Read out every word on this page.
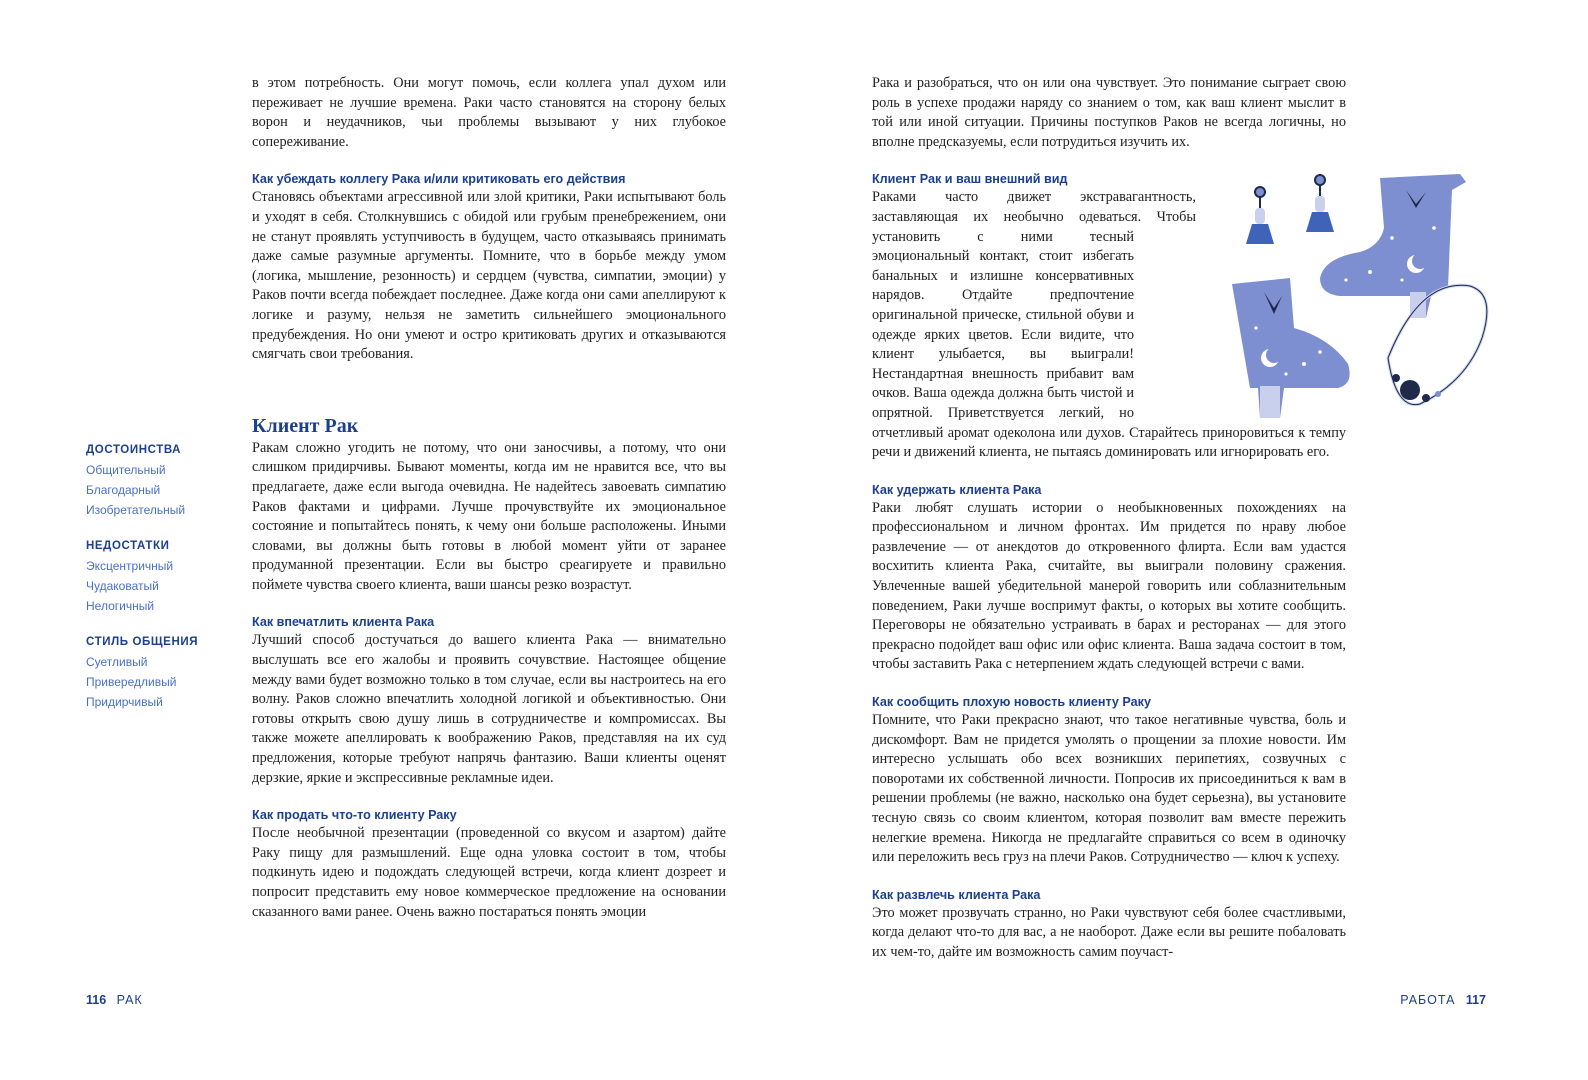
в этом потребность. Они могут помочь, если коллега упал духом или переживает не лучшие времена. Раки часто становятся на сторону белых ворон и неудачников, чьи проблемы вызывают у них глубокое сопереживание.

Как убеждать коллегу Рака и/или критиковать его действия

Становясь объектами агрессивной или злой критики, Раки испытывают боль и уходят в себя. Столкнувшись с обидой или грубым пренебрежением, они не станут проявлять уступчивость в будущем, часто отказываясь принимать даже самые разумные аргументы. Помните, что в борьбе между умом (логика, мышление, резонность) и сердцем (чувства, симпатии, эмоции) у Раков почти всегда побеждает последнее. Даже когда они сами апеллируют к логике и разуму, нельзя не заметить сильнейшего эмоционального предубеждения. Но они умеют и остро критиковать других и отказываются смягчать свои требования.

Клиент Рак

Ракам сложно угодить не потому, что они заносчивы, а потому, что они слишком придирчивы. Бывают моменты, когда им не нравится все, что вы предлагаете, даже если выгода очевидна. Не надейтесь завоевать симпатию Раков фактами и цифрами. Лучше прочувствуйте их эмоциональное состояние и попытайтесь понять, к чему они больше расположены. Иными словами, вы должны быть готовы в любой момент уйти от заранее продуманной презентации. Если вы быстро среагируете и правильно поймете чувства своего клиента, ваши шансы резко возрастут.

Как впечатлить клиента Рака

Лучший способ достучаться до вашего клиента Рака — внимательно выслушать все его жалобы и проявить сочувствие. Настоящее общение между вами будет возможно только в том случае, если вы настроитесь на его волну. Раков сложно впечатлить холодной логикой и объективностью. Они готовы открыть свою душу лишь в сотрудничестве и компромиссах. Вы также можете апеллировать к воображению Раков, представляя на их суд предложения, которые требуют напрячь фантазию. Ваши клиенты оценят дерзкие, яркие и экспрессивные рекламные идеи.

Как продать что-то клиенту Раку

После необычной презентации (проведенной со вкусом и азартом) дайте Раку пищу для размышлений. Еще одна уловка состоит в том, чтобы подкинуть идею и подождать следующей встречи, когда клиент дозреет и попросит представить ему новое коммерческое предложение на основании сказанного вами ранее. Очень важно постараться понять эмоции

ДОСТОИНСТВА
Общительный
Благодарный
Изобретательный
НЕДОСТАТКИ
Эксцентричный
Чудаковатый
Нелогичный
СТИЛЬ ОБЩЕНИЯ
Суетливый
Привередливый
Придирчивый
116 РАК

Рака и разобраться, что он или она чувствует. Это понимание сыграет свою роль в успехе продажи наряду со знанием о том, как ваш клиент мыслит в той или иной ситуации. Причины поступков Раков не всегда логичны, но вполне предсказуемы, если потрудиться изучить их.

Клиент Рак и ваш внешний вид

Раками часто движет экстравагантность, заставляющая их необычно одеваться. Чтобы установить с ними тесный эмоциональный контакт, стоит избегать банальных и излишне консервативных нарядов. Отдайте предпочтение оригинальной прическе, стильной обуви и одежде ярких цветов. Если видите, что клиент улыбается, вы выиграли! Нестандартная внешность прибавит вам очков. Ваша одежда должна быть чистой и опрятной. Приветствуется легкий, но отчетливый аромат одеколона или духов. Старайтесь приноровиться к темпу речи и движений клиента, не пытаясь доминировать или игнорировать его.

Как удержать клиента Рака

Раки любят слушать истории о необыкновенных похождениях на профессиональном и личном фронтах. Им придется по нраву любое развлечение — от анекдотов до откровенного флирта. Если вам удастся восхитить клиента Рака, считайте, вы выиграли половину сражения. Увлеченные вашей убедительной манерой говорить или соблазнительным поведением, Раки лучше воспримут факты, о которых вы хотите сообщить. Переговоры не обязательно устраивать в барах и ресторанах — для этого прекрасно подойдет ваш офис или офис клиента. Ваша задача состоит в том, чтобы заставить Рака с нетерпением ждать следующей встречи с вами.

Как сообщить плохую новость клиенту Раку

Помните, что Раки прекрасно знают, что такое негативные чувства, боль и дискомфорт. Вам не придется умолять о прощении за плохие новости. Им интересно услышать обо всех возникших перипетиях, созвучных с поворотами их собственной личности. Попросив их присоединиться к вам в решении проблемы (не важно, насколько она будет серьезна), вы установите тесную связь со своим клиентом, которая позволит вам вместе пережить нелегкие времена. Никогда не предлагайте справиться со всем в одиночку или переложить весь груз на плечи Раков. Сотрудничество — ключ к успеху.

Как развлечь клиента Рака

Это может прозвучать странно, но Раки чувствуют себя более счастливыми, когда делают что-то для вас, а не наоборот. Даже если вы решите побаловать их чем-то, дайте им возможность самим поучаст-

РАБОТА 117
